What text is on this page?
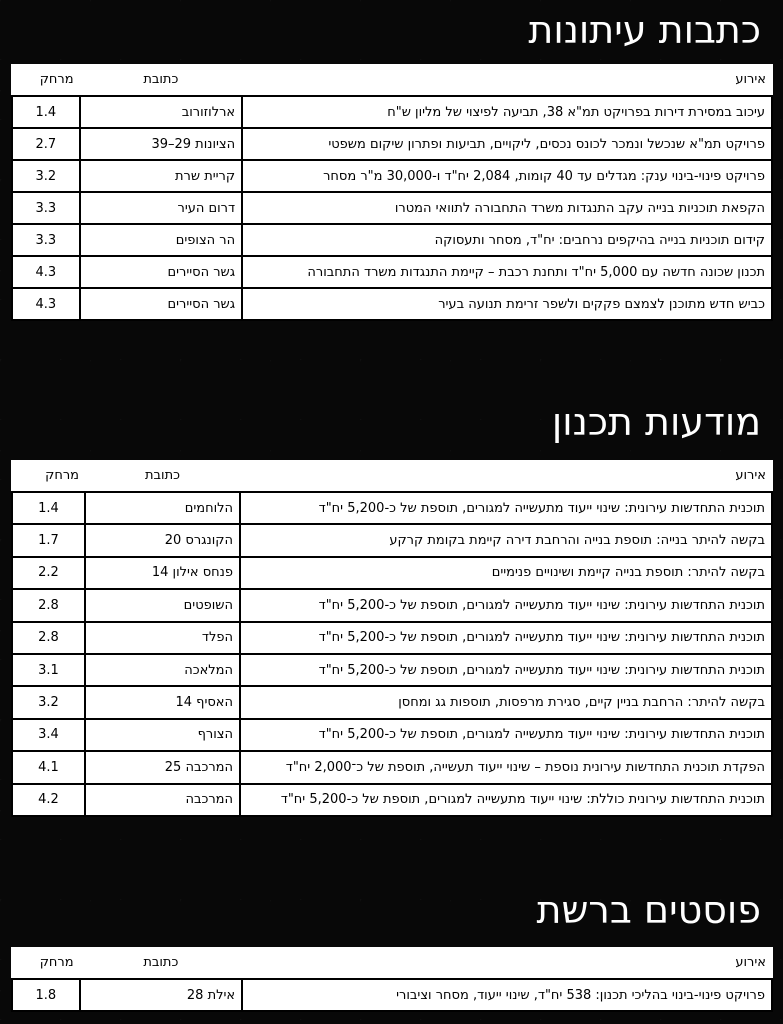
כתבות עיתונות
אירוע	כתובת	מרחק
עיכוב במסירת דירות בפרויקט תמ"א 38, תביעה לפיצוי של מליון ש"ח	ארלוזורוב	1.4
פרויקט תמ"א שנכשל ונמכר לכונס נכסים, ליקויים, תביעות ופתרון שיקום משפטי	הציונות 29–39	2.7
פרויקט פינוי-בינוי ענק: מגדלים עד 40 קומות, 2,084 יח"ד ו-30,000 מ"ר מסחר	קריית שרת	3.2
הקפאת תוכניות בנייה עקב התנגדות משרד התחבורה לתוואי המטרו	דרום העיר	3.3
קידום תוכניות בנייה בהיקפים נרחבים: יח"ד, מסחר ותעסוקה	הר הצופים	3.3
תכנון שכונה חדשה עם 5,000 יח"ד ותחנת רכבת – קיימת התנגדות משרד התחבורה	גשר הסיירים	4.3
כביש חדש מתוכנן לצמצם פקקים ולשפר זרימת תנועה בעיר	גשר הסיירים	4.3
מודעות תכנון
אירוע	כתובת	מרחק
תוכנית התחדשות עירונית: שינוי ייעוד מתעשייה למגורים, תוספת של כ-5,200 יח"ד	הלוחמים	1.4
בקשה להיתר בנייה: תוספת בנייה והרחבת דירה קיימת בקומת קרקע	הקונגרס 20	1.7
בקשה להיתר: תוספת בנייה קיימת ושינויים פנימיים	פנחס אילון 14	2.2
תוכנית התחדשות עירונית: שינוי ייעוד מתעשייה למגורים, תוספת של כ-5,200 יח"ד	השופטים	2.8
תוכנית התחדשות עירונית: שינוי ייעוד מתעשייה למגורים, תוספת של כ-5,200 יח"ד	הפלד	2.8
תוכנית התחדשות עירונית: שינוי ייעוד מתעשייה למגורים, תוספת של כ-5,200 יח"ד	המלאכה	3.1
בקשה להיתר: הרחבת בניין קיים, סגירת מרפסות, תוספות גג ומחסן	האסיף 14	3.2
תוכנית התחדשות עירונית: שינוי ייעוד מתעשייה למגורים, תוספת של כ-5,200 יח"ד	הצורף	3.4
הפקדת תוכנית התחדשות עירונית נוספת – שינוי ייעוד תעשייה, תוספת של כ־2,000 יח"ד	המרכבה 25	4.1
תוכנית התחדשות עירונית כוללת: שינוי ייעוד מתעשייה למגורים, תוספת של כ-5,200 יח"ד	המרכבה	4.2
פוסטים ברשת
אירוע	כתובת	מרחק
פרויקט פינוי-בינוי בהליכי תכנון: 538 יח"ד, שינוי ייעוד, מסחר וציבורי	אילת 28	1.8
